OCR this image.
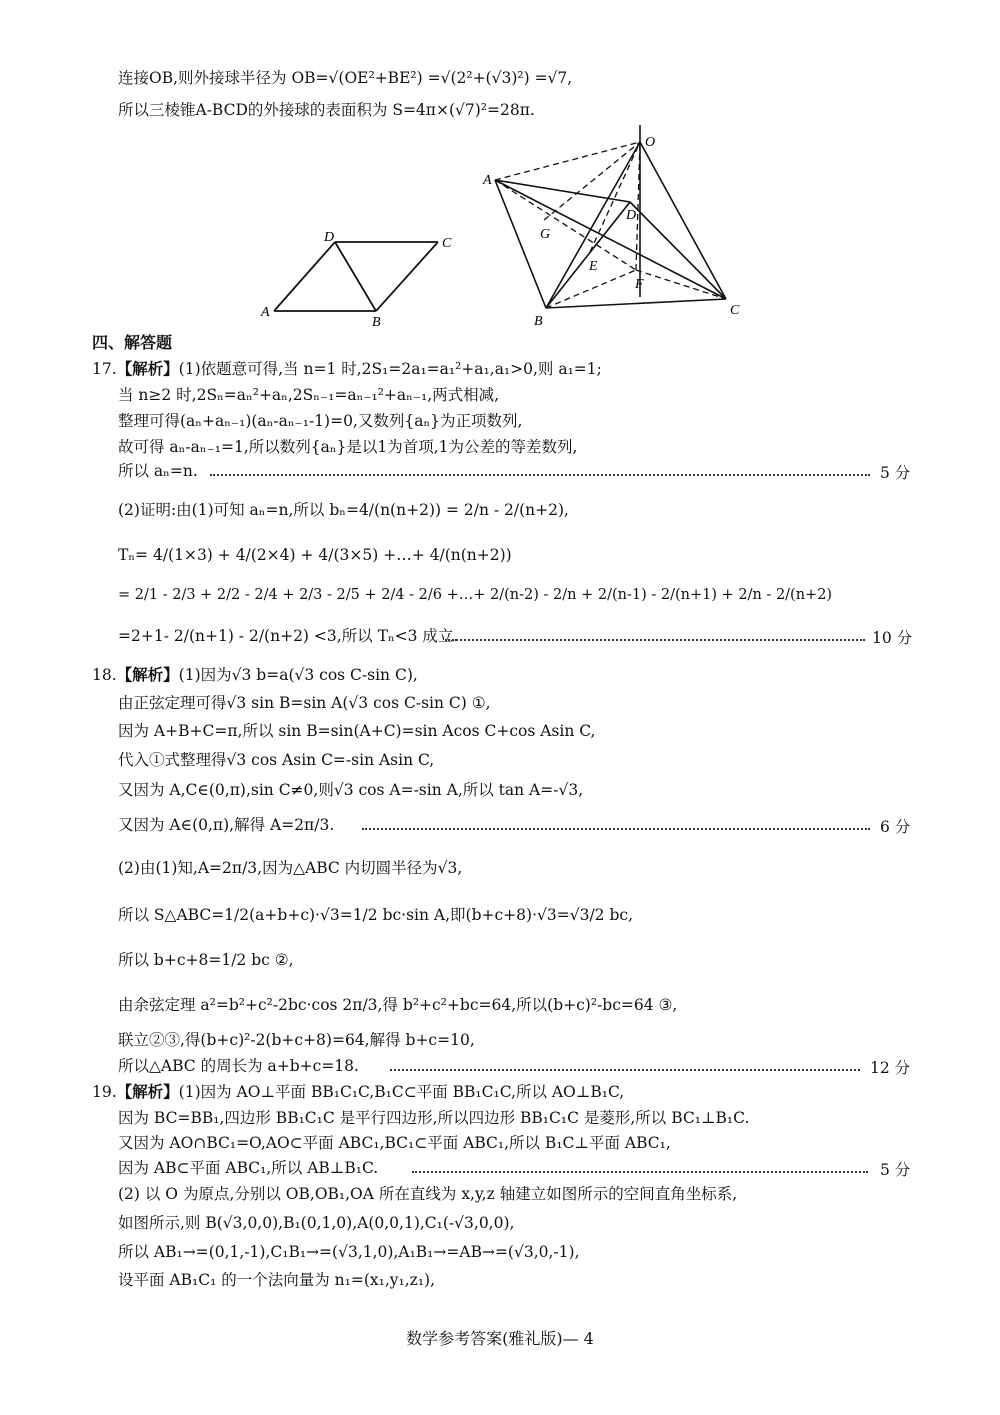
连接OB,则外接球半径为 OB=√(OE²+BE²) =√(2²+(√3)²) =√7,
所以三棱锥A-BCD的外接球的表面积为 S=4π×(√7)²=28π.
A
B
C
D
O
A
B
C
D
E
F
G
四、解答题
17.【解析】(1)依题意可得,当 n=1 时,2S₁=2a₁=a₁²+a₁,a₁>0,则 a₁=1;
当 n≥2 时,2Sₙ=aₙ²+aₙ,2Sₙ₋₁=aₙ₋₁²+aₙ₋₁,两式相减,
整理可得(aₙ+aₙ₋₁)(aₙ-aₙ₋₁-1)=0,又数列{aₙ}为正项数列,
故可得 aₙ-aₙ₋₁=1,所以数列{aₙ}是以1为首项,1为公差的等差数列,
所以 aₙ=n.	5 分
(2)证明:由(1)可知 aₙ=n,所以 bₙ=4/(n(n+2)) = 2/n - 2/(n+2),
Tₙ= 4/(1×3) + 4/(2×4) + 4/(3×5) +…+ 4/(n(n+2))
= 2/1 - 2/3 + 2/2 - 2/4 + 2/3 - 2/5 + 2/4 - 2/6 +…+ 2/(n-2) - 2/n + 2/(n-1) - 2/(n+1) + 2/n - 2/(n+2)
=2+1- 2/(n+1) - 2/(n+2) <3,所以 Tₙ<3 成立.	10 分
18.【解析】(1)因为√3 b=a(√3 cos C-sin C),
由正弦定理可得√3 sin B=sin A(√3 cos C-sin C) ①,
因为 A+B+C=π,所以 sin B=sin(A+C)=sin Acos C+cos Asin C,
代入①式整理得√3 cos Asin C=-sin Asin C,
又因为 A,C∈(0,π),sin C≠0,则√3 cos A=-sin A,所以 tan A=-√3,
又因为 A∈(0,π),解得 A=2π/3.	6 分
(2)由(1)知,A=2π/3,因为△ABC 内切圆半径为√3,
所以 S△ABC=1/2(a+b+c)·√3=1/2 bc·sin A,即(b+c+8)·√3=√3/2 bc,
所以 b+c+8=1/2 bc ②,
由余弦定理 a²=b²+c²-2bc·cos 2π/3,得 b²+c²+bc=64,所以(b+c)²-bc=64 ③,
联立②③,得(b+c)²-2(b+c+8)=64,解得 b+c=10,
所以△ABC 的周长为 a+b+c=18.	12 分
19.【解析】(1)因为 AO⊥平面 BB₁C₁C,B₁C⊂平面 BB₁C₁C,所以 AO⊥B₁C,
因为 BC=BB₁,四边形 BB₁C₁C 是平行四边形,所以四边形 BB₁C₁C 是菱形,所以 BC₁⊥B₁C.
又因为 AO∩BC₁=O,AO⊂平面 ABC₁,BC₁⊂平面 ABC₁,所以 B₁C⊥平面 ABC₁,
因为 AB⊂平面 ABC₁,所以 AB⊥B₁C.	5 分
(2) 以 O 为原点,分别以 OB,OB₁,OA 所在直线为 x,y,z 轴建立如图所示的空间直角坐标系,
如图所示,则 B(√3,0,0),B₁(0,1,0),A(0,0,1),C₁(-√3,0,0),
所以 AB₁→=(0,1,-1),C₁B₁→=(√3,1,0),A₁B₁→=AB→=(√3,0,-1),
设平面 AB₁C₁ 的一个法向量为 n₁=(x₁,y₁,z₁),
数学参考答案(雅礼版)— 4
